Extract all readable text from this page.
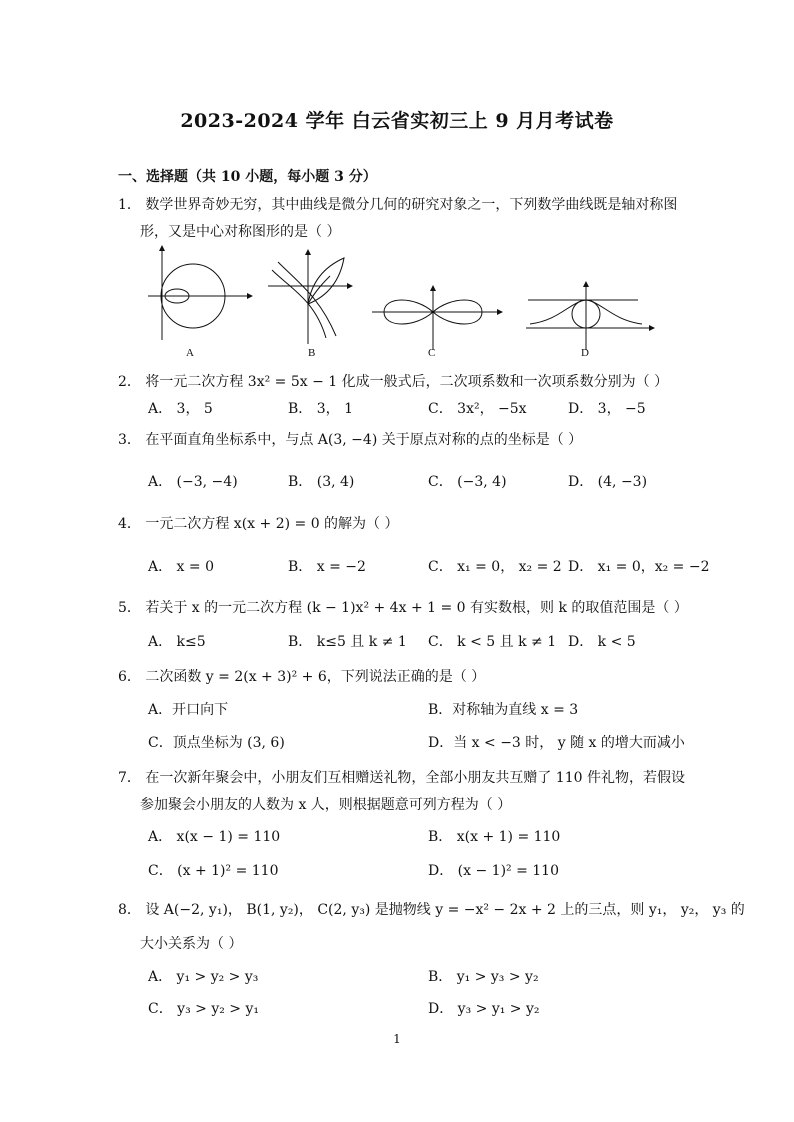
2023-2024 学年 白云省实初三上 9 月月考试卷
一、选择题（共 10 小题，每小题 3 分）
1． 数学世界奇妙无穷，其中曲线是微分几何的研究对象之一，下列数学曲线既是轴对称图
形，又是中心对称图形的是（ ）
A	B	C	D
2． 将一元二次方程 3x² = 5x − 1 化成一般式后，二次项系数和一次项系数分别为（ ）
A． 3， 5	B． 3， 1	C． 3x²， −5x	D． 3， −5
3． 在平面直角坐标系中，与点 A(3, −4) 关于原点对称的点的坐标是（ ）
A． (−3, −4)	B． (3, 4)	C． (−3, 4)	D． (4, −3)
4． 一元二次方程 x(x + 2) = 0 的解为（ ）
A． x = 0	B． x = −2	C． x₁ = 0， x₂ = 2 D． x₁ = 0，x₂ = −2
5． 若关于 x 的一元二次方程 (k − 1)x² + 4x + 1 = 0 有实数根，则 k 的取值范围是（ ）
A． k≤5	B． k≤5 且 k ≠ 1 C． k < 5 且 k ≠ 1 D． k < 5
6． 二次函数 y = 2(x + 3)² + 6，下列说法正确的是（ ）
A．开口向下	B．对称轴为直线 x = 3
C．顶点坐标为 (3, 6)	D．当 x < −3 时， y 随 x 的增大而减小
7． 在一次新年聚会中，小朋友们互相赠送礼物，全部小朋友共互赠了 110 件礼物，若假设
参加聚会小朋友的人数为 x 人，则根据题意可列方程为（ ）
A． x(x − 1) = 110	B． x(x + 1) = 110
C． (x + 1)² = 110	D． (x − 1)² = 110
8． 设 A(−2, y₁)， B(1, y₂)， C(2, y₃) 是抛物线 y = −x² − 2x + 2 上的三点，则 y₁， y₂， y₃ 的
大小关系为（ ）
A． y₁ > y₂ > y₃	B． y₁ > y₃ > y₂
C． y₃ > y₂ > y₁	D． y₃ > y₁ > y₂
1
